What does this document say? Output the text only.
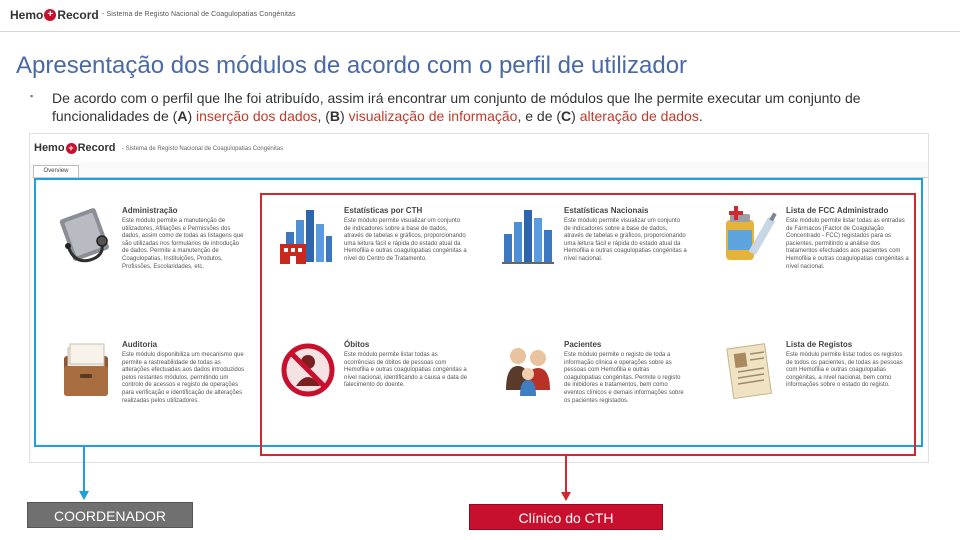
Hemo + Record - Sistema de Registo Nacional de Coagulopatias Congénitas
Apresentação dos módulos de acordo com o perfil de utilizador
▪ De acordo com o perfil que lhe foi atribuído, assim irá encontrar um conjunto de módulos que lhe permite executar um conjunto de funcionalidades de (A) inserção dos dados, (B) visualização de informação, e de (C) alteração de dados.
Hemo + Record - Sistema de Registo Nacional de Coagulopatias Congénitas
Overview
Administração
Este módulo permite a manutenção de utilizadores, Afiliações e Permissões dos dados, assim como de todas as listagens que são utilizadas nos formulários de introdução de dados. Permite a manutenção de Coagulopatias, Instituições, Produtos, Profissões, Escolaridades, etc.
Estatísticas por CTH
Este módulo permite visualizar um conjunto de indicadores sobre a base de dados, através de tabelas e gráficos, proporcionando uma leitura fácil e rápida do estado atual da Hemofilia e outras coagulopatias congénitas a nível do Centro de Tratamento.
Estatísticas Nacionais
Este módulo permite visualizar um conjunto de indicadores sobre a base de dados, através de tabelas e gráficos, proporcionando uma leitura fácil e rápida do estado atual da Hemofilia e outras coagulopatias congénitas a nível nacional.
Lista de FCC Administrado
Este módulo permite listar todas as entradas de Fármacos (Factor de Coagulação Concentrado - FCC) registados para os pacientes, permitindo a análise dos tratamentos efectuados aos pacientes com Hemofilia e outras coagulopatias congénitas a nível nacional.
Auditoria
Este módulo disponibiliza um mecanismo que permite a rastreabilidade de todas as alterações efectuadas aos dados introduzidos pelos restantes módulos, permitindo um controlo de acessos e registo de operações para verificação e identificação de alterações realizadas pelos utilizadores.
Óbitos
Este módulo permite listar todas as ocorrências de óbitos de pessoas com Hemofilia e outras coagulopatias congénitas a nível nacional, identificando a causa e data de falecimento do doente.
Pacientes
Este módulo permite o registo de toda a informação clínica e operações sobre as pessoas com Hemofilia e outras coagulopatias congénitas. Permite o registo de inibidores e tratamentos, bem como eventos clínicos e demais informações sobre os pacientes registados.
Lista de Registos
Este módulo permite listar todos os registos de todos os pacientes, de todas as pessoas com Hemofilia e outras coagulopatias congénitas, a nível nacional, bem como informações sobre o estado do registo.
COORDENADOR	Clínico do CTH
